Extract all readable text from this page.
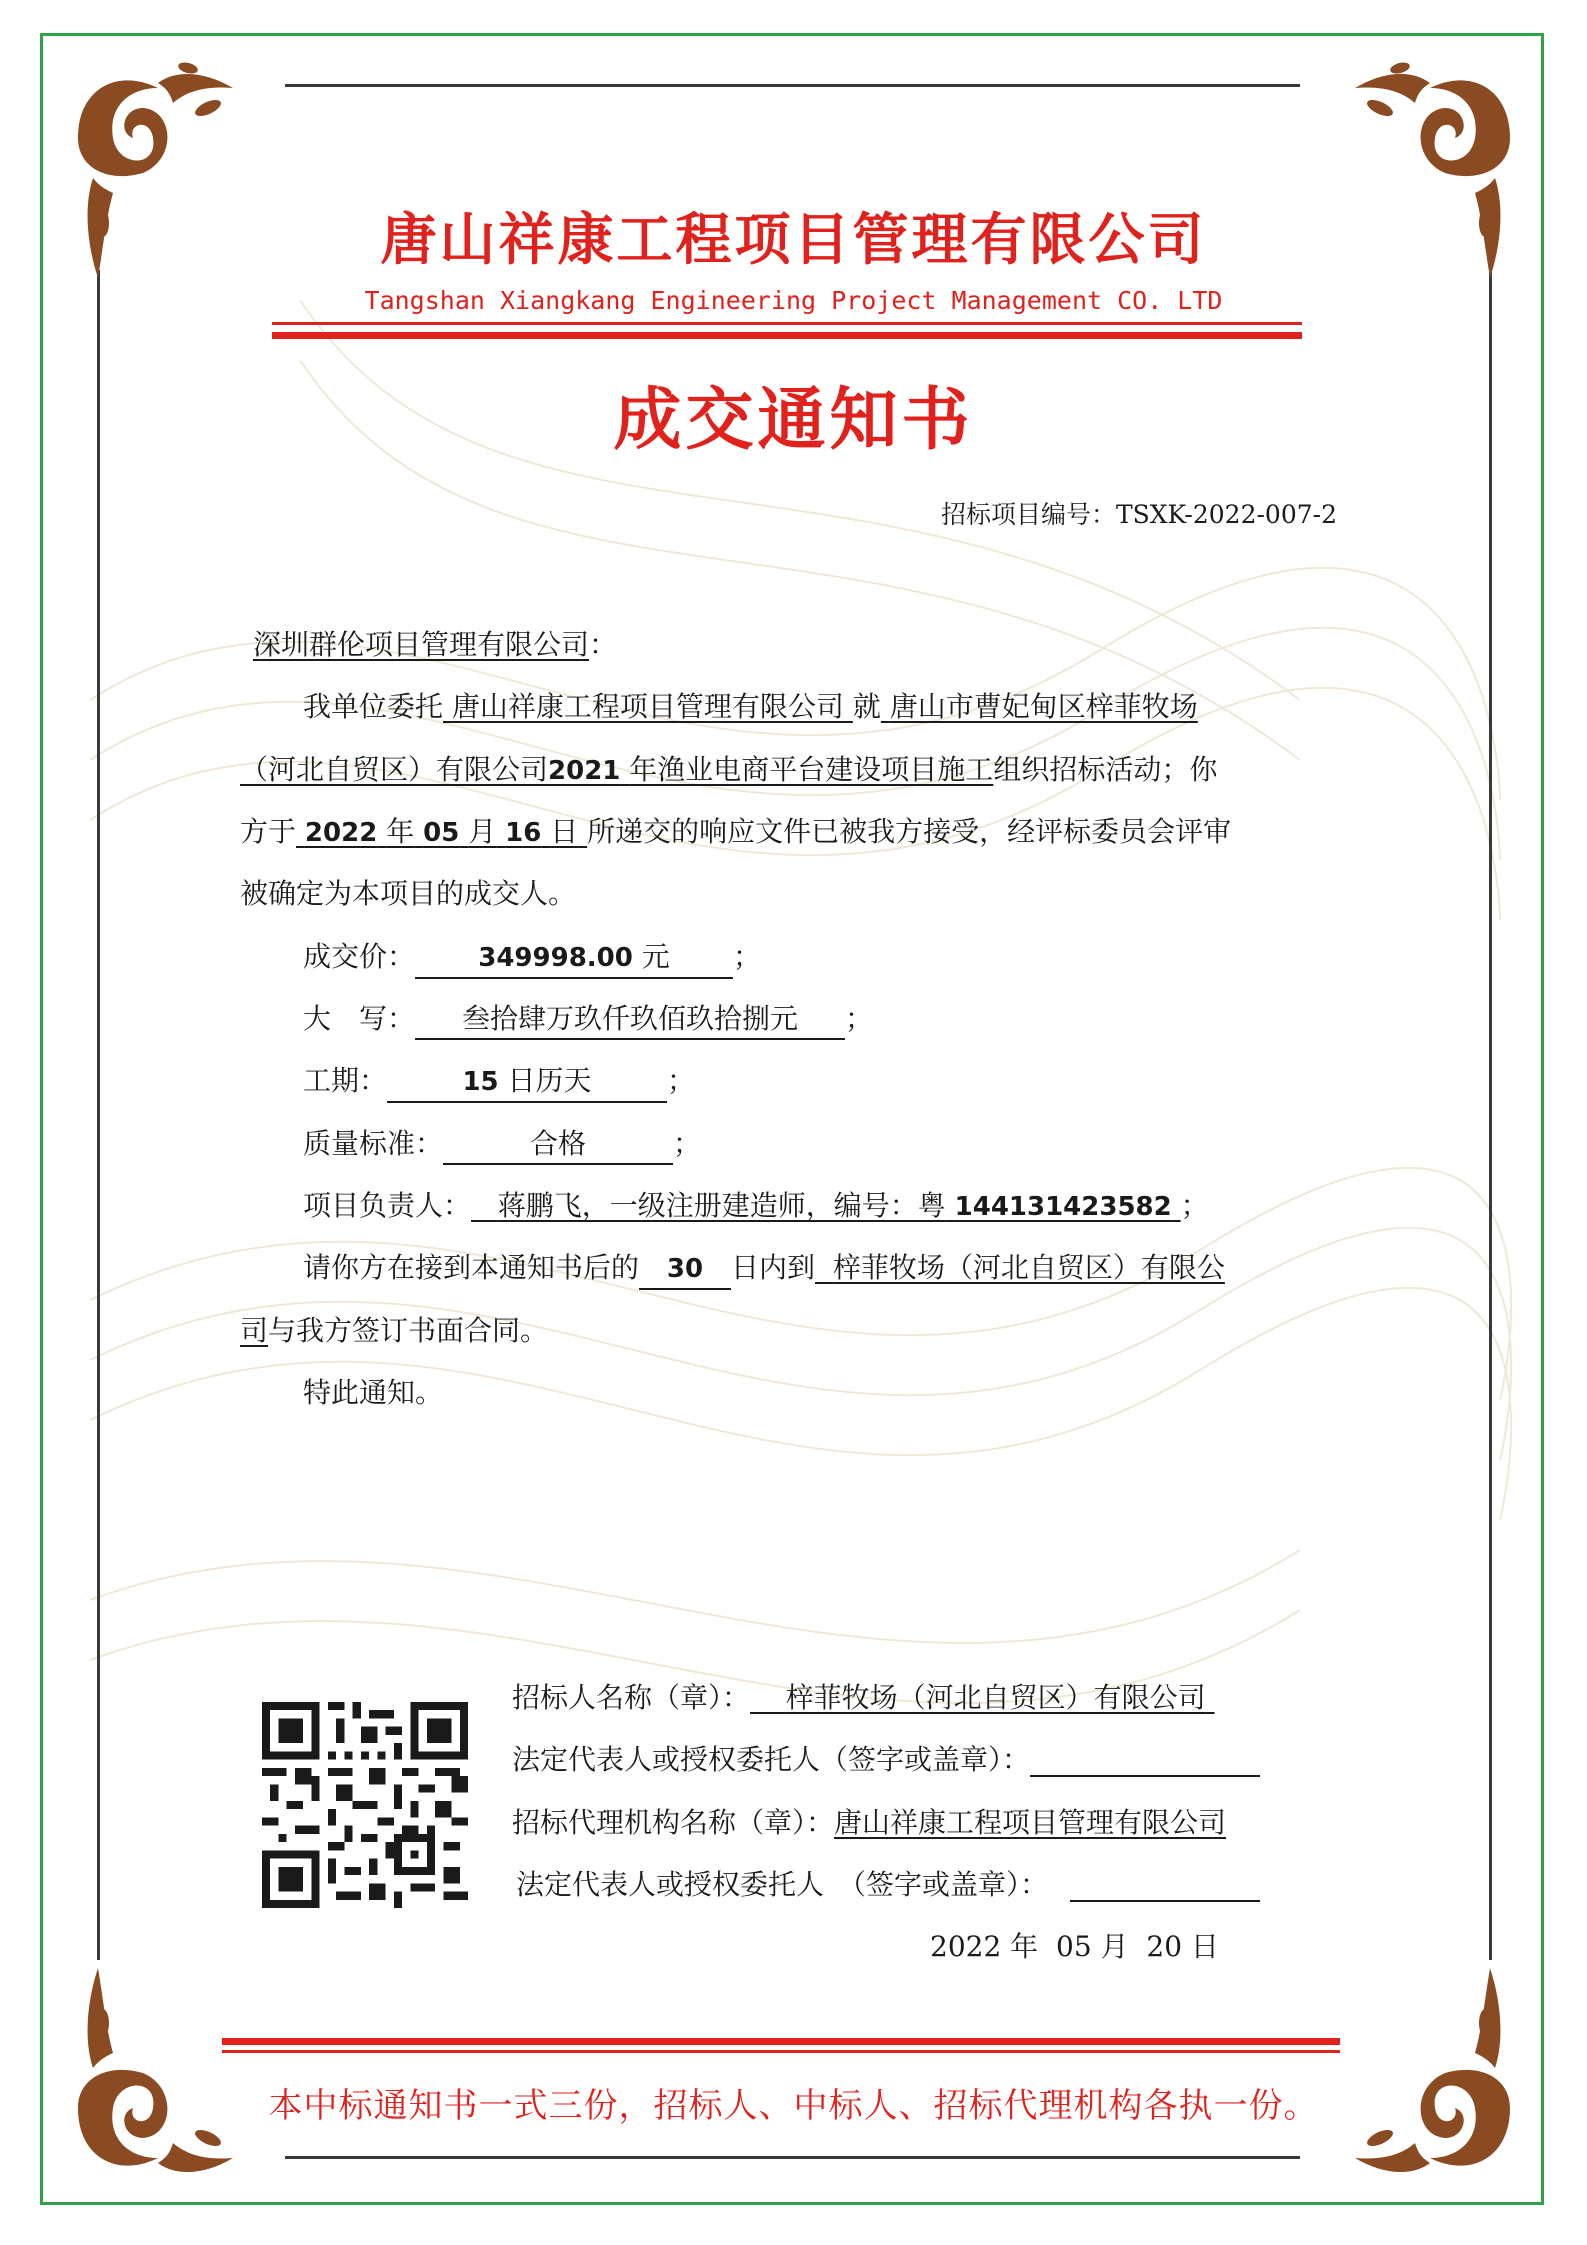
唐山祥康工程项目管理有限公司
Tangshan Xiangkang Engineering Project Management CO. LTD
成交通知书
招标项目编号：TSXK-2022-007-2
深圳群伦项目管理有限公司：
我单位委托 唐山祥康工程项目管理有限公司 就 唐山市曹妃甸区梓菲牧场
（河北自贸区）有限公司2021 年渔业电商平台建设项目施工组织招标活动；你
方于 2022 年 05 月 16 日 所递交的响应文件已被我方接受，经评标委员会评审
被确定为本项目的成交人。
成交价： 349998.00 元 ；
大　写： 叁拾肆万玖仟玖佰玖拾捌元 ；
工期：	15 日历天	；
质量标准：	合格	；
项目负责人： 蒋鹏飞，一级注册建造师，编号：粤 144131423582 ；
请你方在接到本通知书后的 30 日内到 梓菲牧场（河北自贸区）有限公
司与我方签订书面合同。
特此通知。
招标人名称（章）： 梓菲牧场（河北自贸区）有限公司
法定代表人或授权委托人（签字或盖章）：
招标代理机构名称（章）：唐山祥康工程项目管理有限公司
法定代表人或授权委托人　（签字或盖章）：
2022 年 05 月 20 日
本中标通知书一式三份，招标人、中标人、招标代理机构各执一份。
